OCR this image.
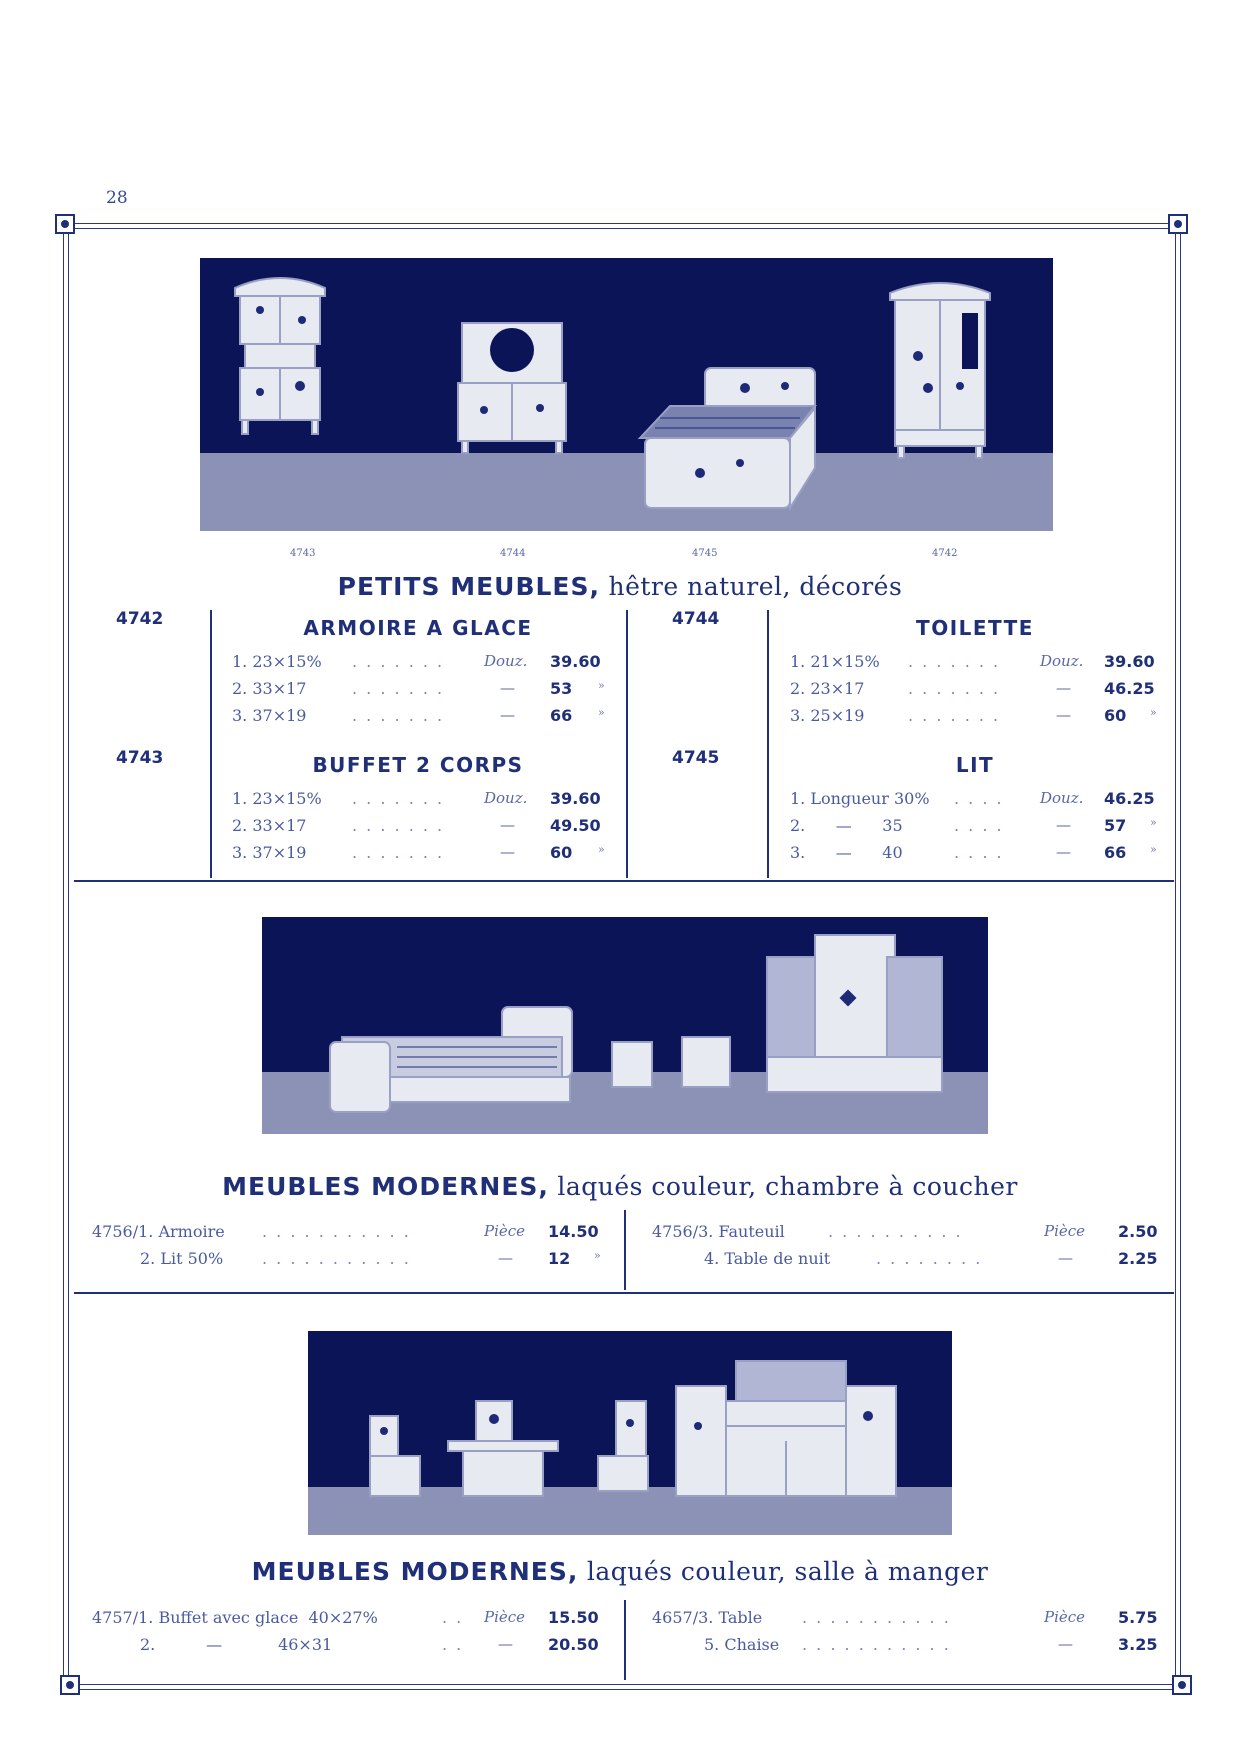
28
4743	4744	4745	4742
PETITS MEUBLES, hêtre naturel, décorés
4742	ARMOIRE A GLACE
1. 23×15% . . . . . . .	Douz. 39.60
2. 33×17	. . . . . . .	— 53 »
3. 37×19	. . . . . . .	— 66 »
4743	BUFFET 2 CORPS
1. 23×15% . . . . . . .	Douz. 39.60
2. 33×17	. . . . . . .	— 49.50
3. 37×19	. . . . . . .	— 60 »
4744	TOILETTE
1. 21×15% . . . . . . .	Douz. 39.60
2. 23×17	. . . . . . .	— 46.25
3. 25×19	. . . . . . .	— 60 »
4745	LIT
1. Longueur 30% . . . . Douz. 46.25
2.      —      35	. . . .	— 57 »
3.      —      40	. . . .	— 66 »
MEUBLES MODERNES, laqués couleur, chambre à coucher
4756/1. Armoire . . . . . . . . . . .	Pièce 14.50
2. Lit 50% . . . . . . . . . . .	— 12 »
4756/3. Fauteuil	. . . . . . . . . .	Pièce 2.50
4. Table de nuit	. . . . . . . .	—	2.25
MEUBLES MODERNES, laqués couleur, salle à manger
4757/1. Buffet avec glace  40×27%	. . Pièce 15.50
2.          —           46×31	. . — 20.50
4657/3. Table . . . . . . . . . . .	Pièce 5.75
5. Chaise . . . . . . . . . . .	—	3.25
